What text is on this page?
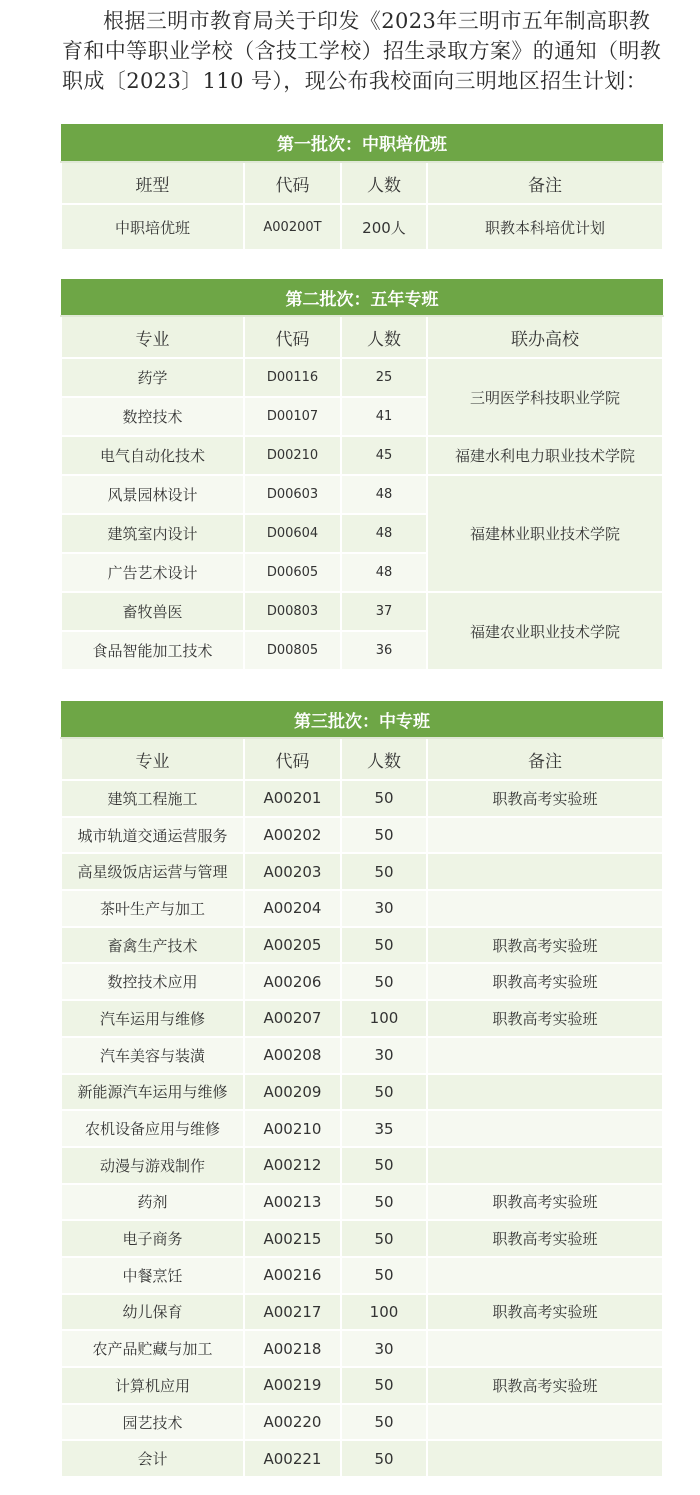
根据三明市教育局关于印发《2023年三明市五年制高职教育和中等职业学校（含技工学校）招生录取方案》的通知（明教职成〔2023〕110 号），现公布我校面向三明地区招生计划：

第一批次：中职培优班			
班型	代码	人数	备注
中职培优班	A00200T	200人	职教本科培优计划
第二批次：五年专班			
专业	代码	人数	联办高校
药学	D00116	25	三明医学科技职业学院
数控技术	D00107	41	
电气自动化技术	D00210	45	福建水利电力职业技术学院
风景园林设计	D00603	48	福建林业职业技术学院
建筑室内设计	D00604	48	
广告艺术设计	D00605	48	
畜牧兽医	D00803	37	福建农业职业技术学院
食品智能加工技术	D00805	36	
第三批次：中专班			
专业	代码	人数	备注
建筑工程施工	A00201	50	职教高考实验班
城市轨道交通运营服务	A00202	50	
高星级饭店运营与管理	A00203	50	
茶叶生产与加工	A00204	30	
畜禽生产技术	A00205	50	职教高考实验班
数控技术应用	A00206	50	职教高考实验班
汽车运用与维修	A00207	100	职教高考实验班
汽车美容与装潢	A00208	30	
新能源汽车运用与维修	A00209	50	
农机设备应用与维修	A00210	35	
动漫与游戏制作	A00212	50	
药剂	A00213	50	职教高考实验班
电子商务	A00215	50	职教高考实验班
中餐烹饪	A00216	50	
幼儿保育	A00217	100	职教高考实验班
农产品贮藏与加工	A00218	30	
计算机应用	A00219	50	职教高考实验班
园艺技术	A00220	50	
会计	A00221	50	
